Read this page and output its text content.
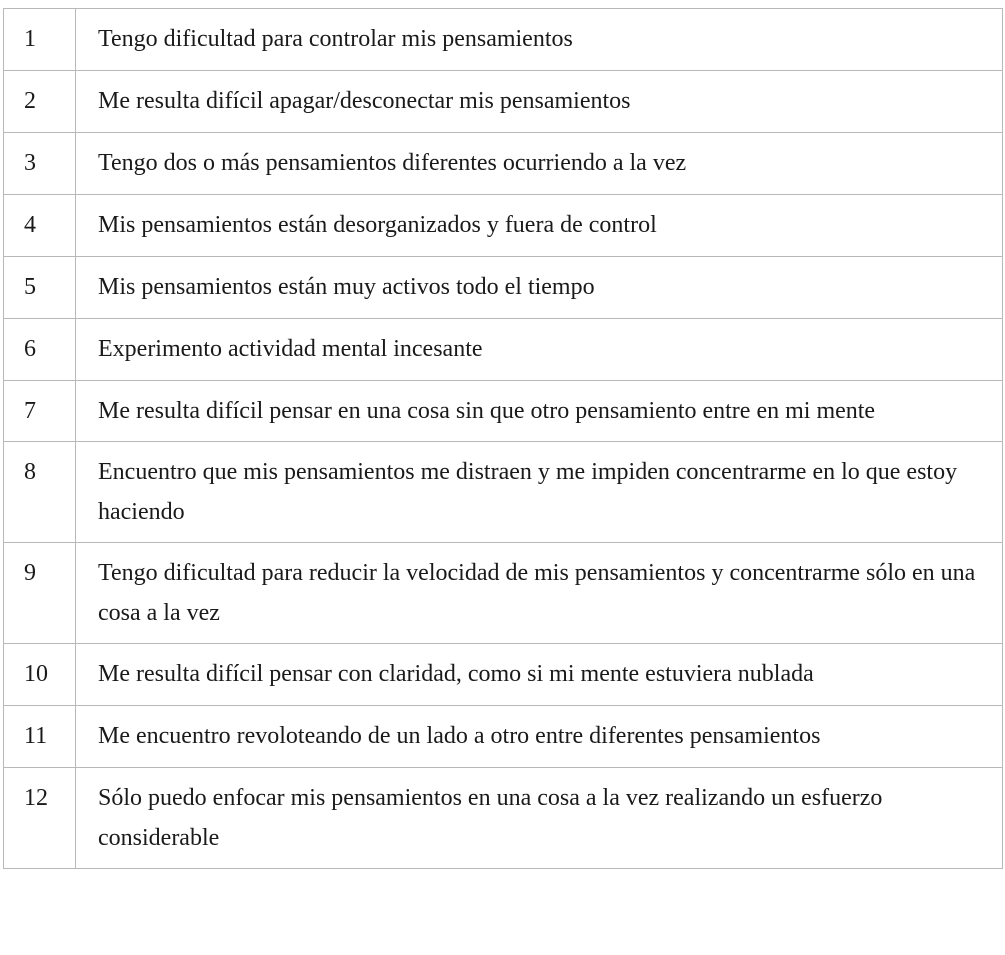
1	Tengo dificultad para controlar mis pensamientos
2	Me resulta difícil apagar/desconectar mis pensamientos
3	Tengo dos o más pensamientos diferentes ocurriendo a la vez
4	Mis pensamientos están desorganizados y fuera de control
5	Mis pensamientos están muy activos todo el tiempo
6	Experimento actividad mental incesante
7	Me resulta difícil pensar en una cosa sin que otro pensamiento entre en mi mente
8	Encuentro que mis pensamientos me distraen y me impiden concentrarme en lo que estoy haciendo
9	Tengo dificultad para reducir la velocidad de mis pensamientos y concentrarme sólo en una cosa a la vez
10	Me resulta difícil pensar con claridad, como si mi mente estuviera nublada
11	Me encuentro revoloteando de un lado a otro entre diferentes pensamientos
12	Sólo puedo enfocar mis pensamientos en una cosa a la vez realizando un esfuerzo considerable
